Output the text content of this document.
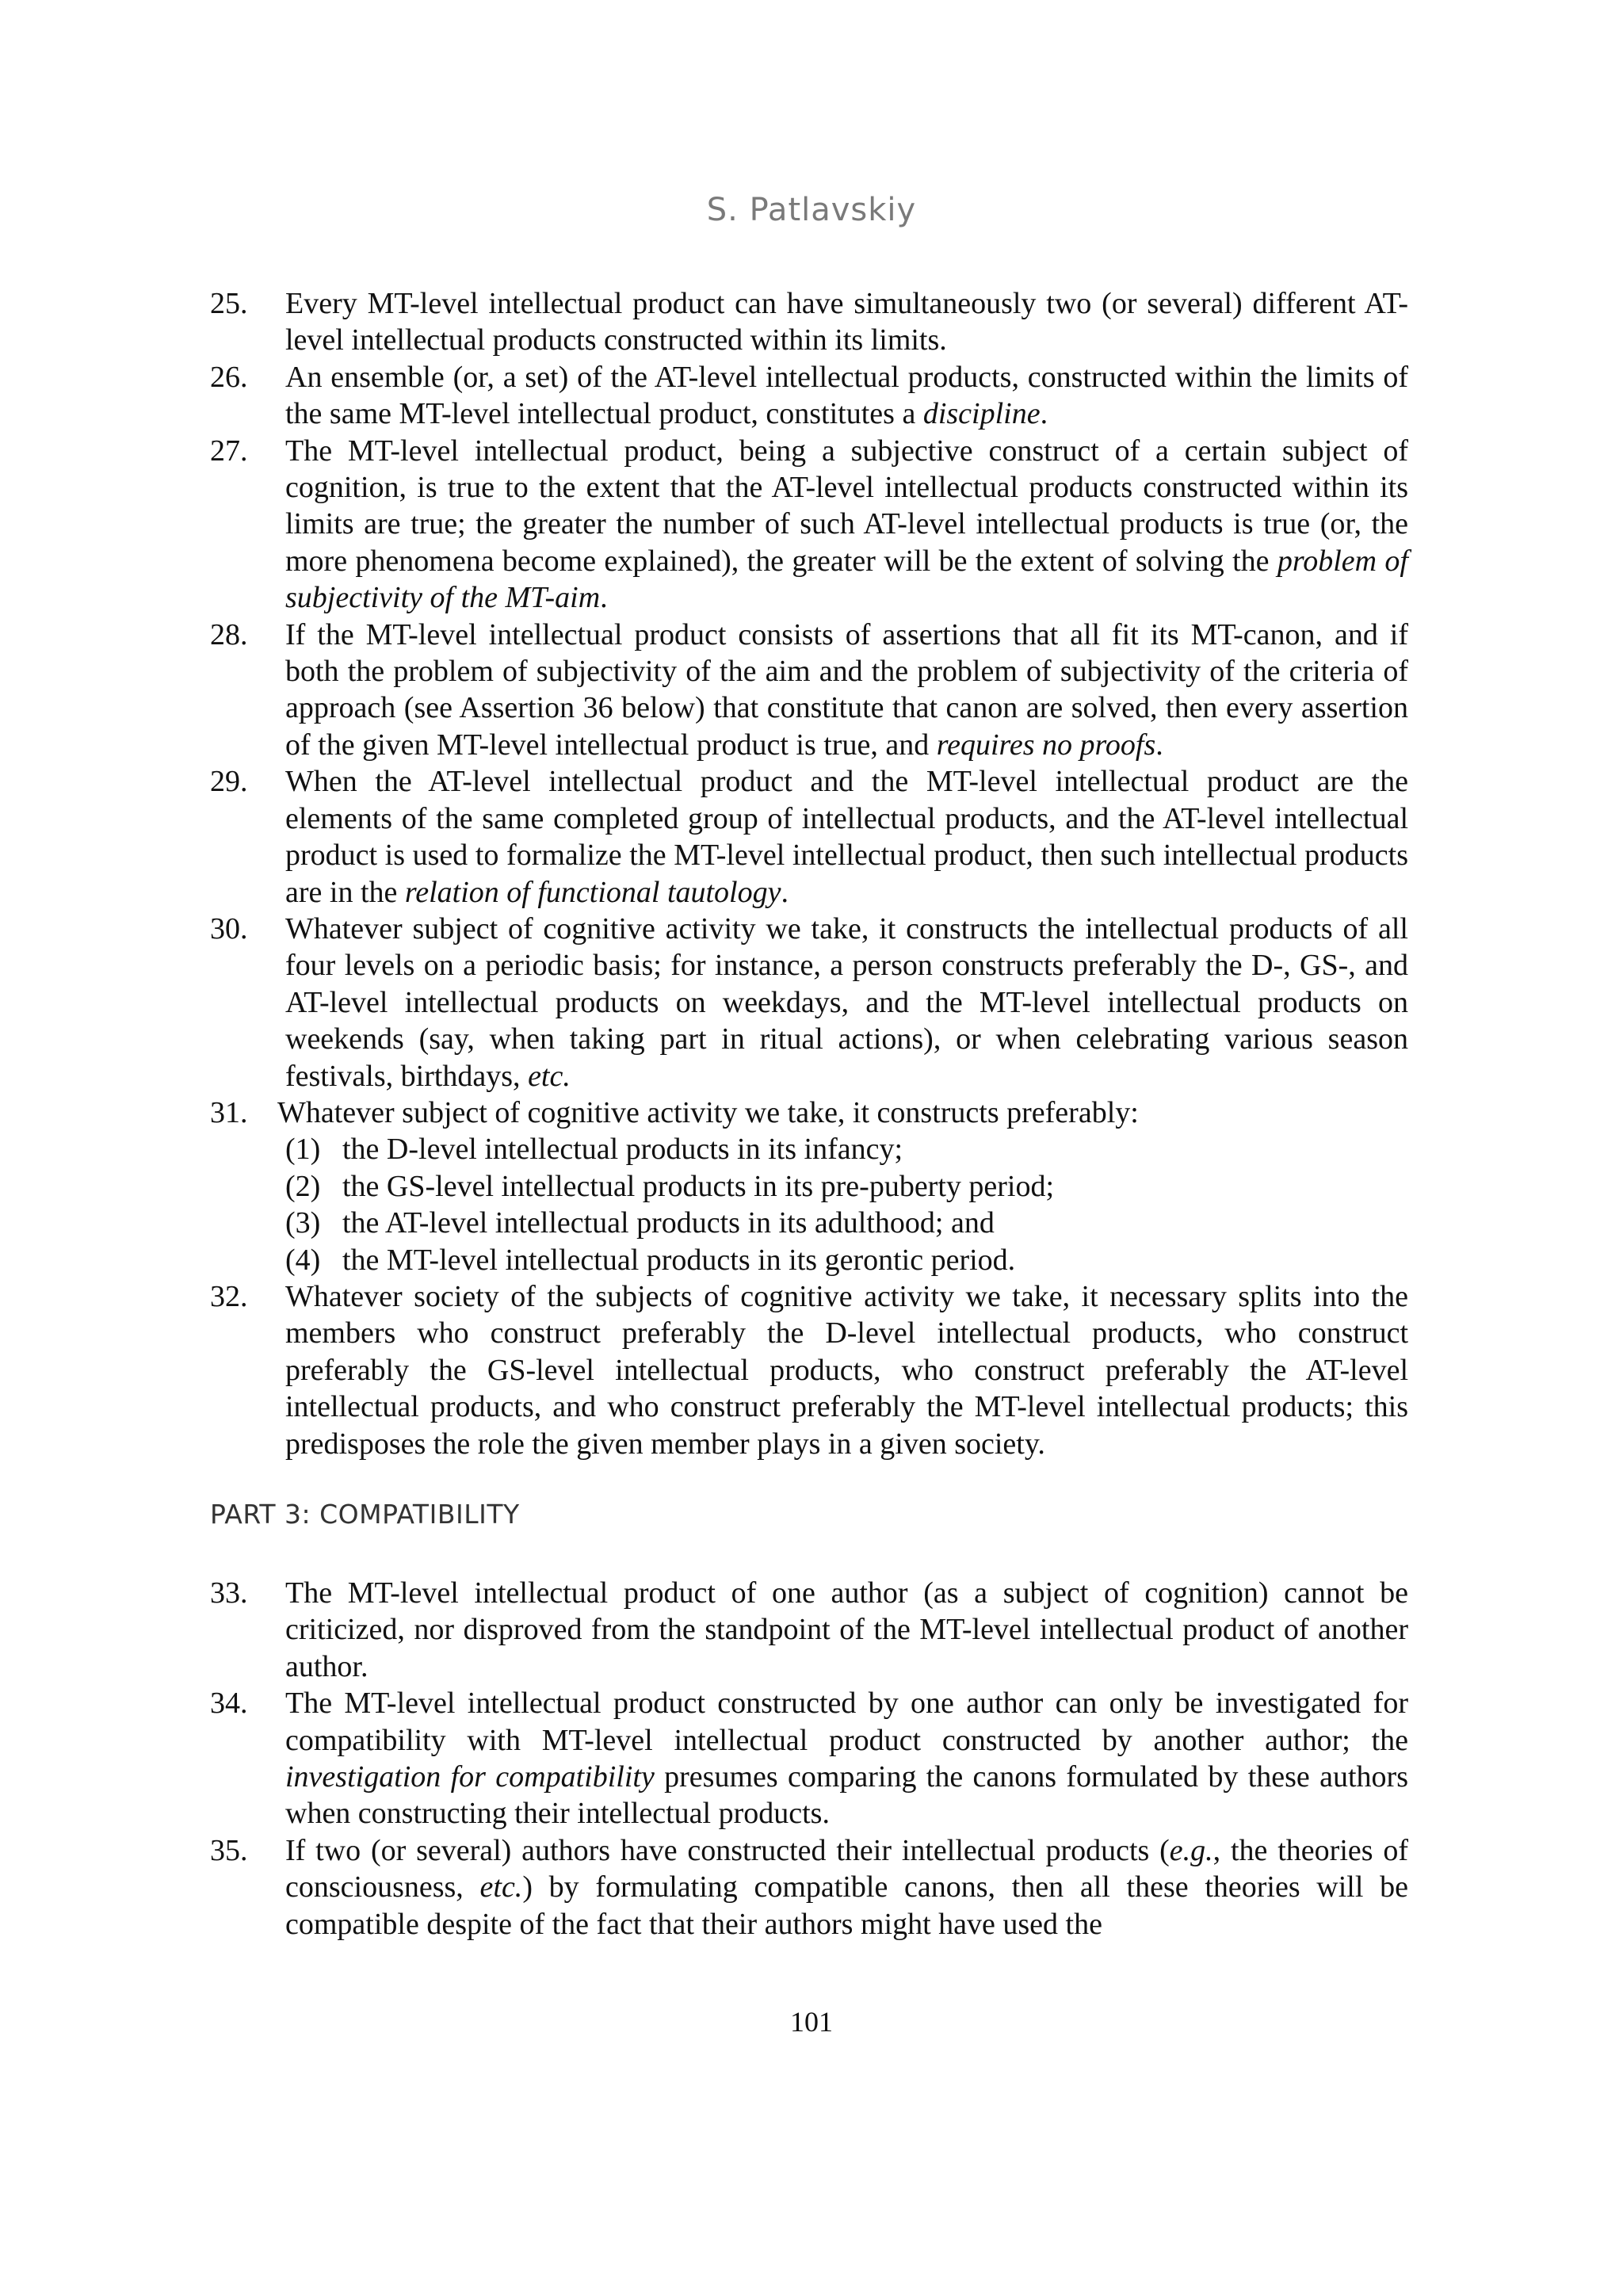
S. Patlavskiy
25.	Every MT-level intellectual product can have simultaneously two (or several) different AT-level intellectual products constructed within its limits.
26.	An ensemble (or, a set) of the AT-level intellectual products, constructed within the limits of the same MT-level intellectual product, constitutes a discipline.
27.	The MT-level intellectual product, being a subjective construct of a certain subject of cognition, is true to the extent that the AT-level intellectual products constructed within its limits are true; the greater the number of such AT-level intellectual products is true (or, the more phenomena become explained), the greater will be the extent of solving the problem of subjectivity of the MT-aim.
28.	If the MT-level intellectual product consists of assertions that all fit its MT-canon, and if both the problem of subjectivity of the aim and the problem of subjectivity of the criteria of approach (see Assertion 36 below) that constitute that canon are solved, then every assertion of the given MT-level intellectual product is true, and requires no proofs.
29.	When the AT-level intellectual product and the MT-level intellectual product are the elements of the same completed group of intellectual products, and the AT-level intellectual product is used to formalize the MT-level intellectual product, then such intellectual products are in the relation of functional tautology.
30.	Whatever subject of cognitive activity we take, it constructs the intellectual products of all four levels on a periodic basis; for instance, a person constructs preferably the D-, GS-, and AT-level intellectual products on weekdays, and the MT-level intellectual products on weekends (say, when taking part in ritual actions), or when celebrating various season festivals, birthdays, etc.
31. Whatever subject of cognitive activity we take, it constructs preferably:
(1) the D-level intellectual products in its infancy;
(2) the GS-level intellectual products in its pre-puberty period;
(3) the AT-level intellectual products in its adulthood; and
(4) the MT-level intellectual products in its gerontic period.
32.	Whatever society of the subjects of cognitive activity we take, it necessary splits into the members who construct preferably the D-level intellectual products, who construct preferably the GS-level intellectual products, who construct preferably the AT-level intellectual products, and who construct preferably the MT-level intellectual products; this predisposes the role the given member plays in a given society.
PART 3: COMPATIBILITY
33.	The MT-level intellectual product of one author (as a subject of cognition) cannot be criticized, nor disproved from the standpoint of the MT-level intellectual product of another author.
34.	The MT-level intellectual product constructed by one author can only be investigated for compatibility with MT-level intellectual product constructed by another author; the investigation for compatibility presumes comparing the canons formulated by these authors when constructing their intellectual products.
35.	If two (or several) authors have constructed their intellectual products (e.g., the theories of consciousness, etc.) by formulating compatible canons, then all these theories will be compatible despite of the fact that their authors might have used the
101
